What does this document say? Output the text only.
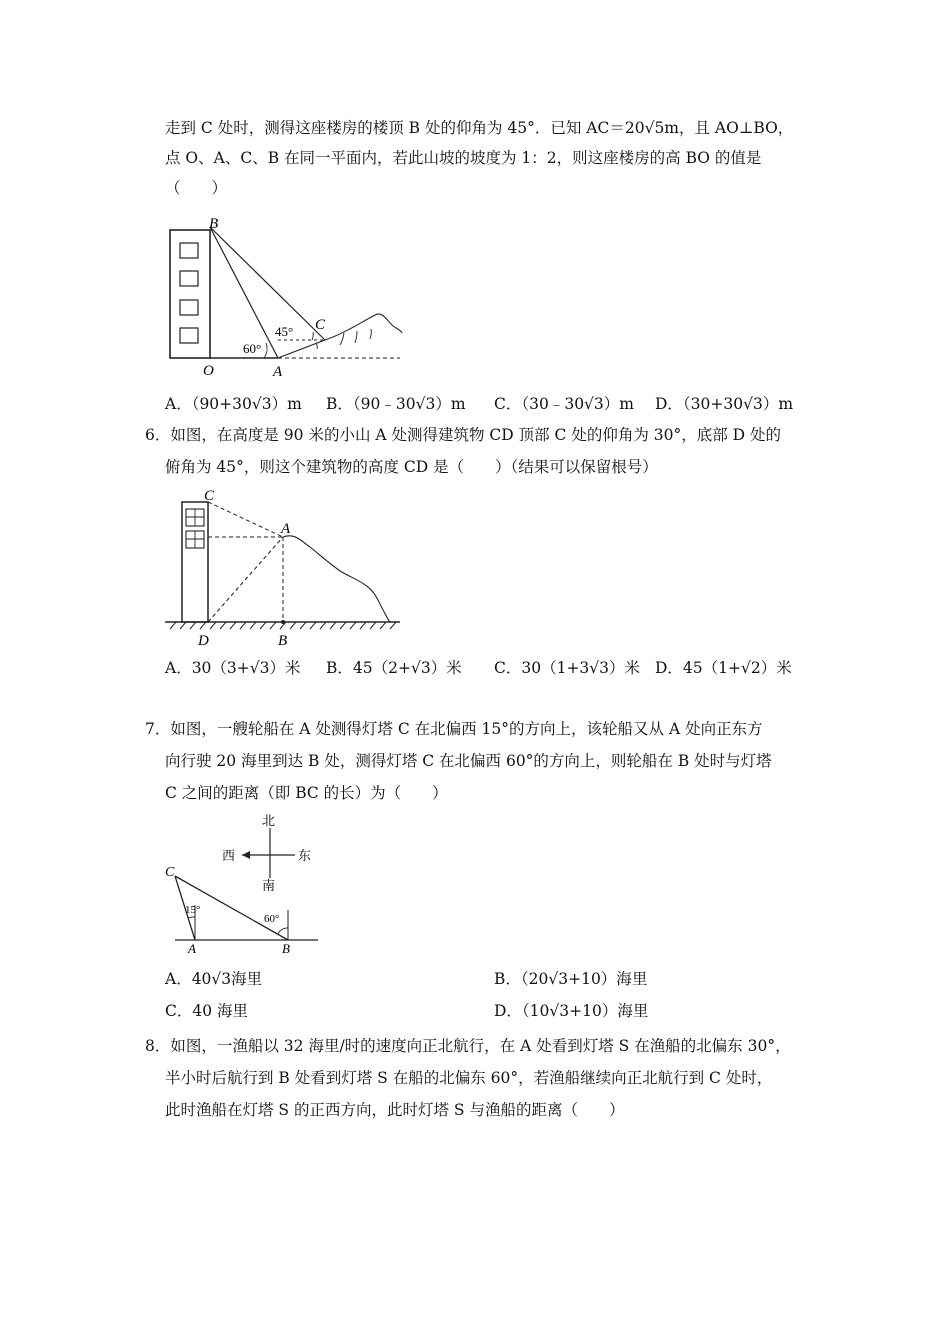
走到 C 处时，测得这座楼房的楼顶 B 处的仰角为 45°．已知 AC＝20√5m，且 AO⊥BO，
点 O、A、C、B 在同一平面内，若此山坡的坡度为 1：2，则这座楼房的高 BO 的值是
（　　）
B
O	A
C
60°
45°
A．（90+30√3）m B．（90﹣30√3）m C．（30﹣30√3）m D．（30+30√3）m
6．如图，在高度是 90 米的小山 A 处测得建筑物 CD 顶部 C 处的仰角为 30°，底部 D 处的
俯角为 45°，则这个建筑物的高度 CD 是（　　）（结果可以保留根号）
C
A
D	B
A．30（3+√3）米 B．45（2+√3）米 C．30（1+3√3）米 D．45（1+√2）米
7．如图，一艘轮船在 A 处测得灯塔 C 在北偏西 15°的方向上，该轮船又从 A 处向正东方
向行驶 20 海里到达 B 处，测得灯塔 C 在北偏西 60°的方向上，则轮船在 B 处时与灯塔
C 之间的距离（即 BC 的长）为（　　）
北
南
西	东
C
A	B
15°
60°
A．40√3海里	B．（20√3+10）海里
C．40 海里	D．（10√3+10）海里
8．如图，一渔船以 32 海里/时的速度向正北航行，在 A 处看到灯塔 S 在渔船的北偏东 30°，
半小时后航行到 B 处看到灯塔 S 在船的北偏东 60°，若渔船继续向正北航行到 C 处时，
此时渔船在灯塔 S 的正西方向，此时灯塔 S 与渔船的距离（　　）
